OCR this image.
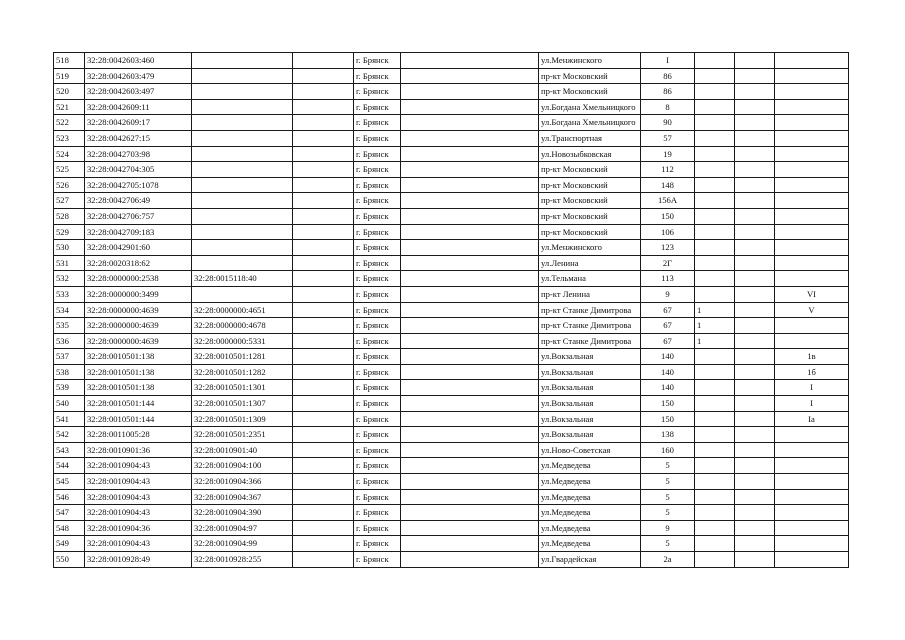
518	32:28:0042603:460			г. Брянск		ул.Менжинского	I			
519	32:28:0042603:479			г. Брянск		пр-кт Московский	86			
520	32:28:0042603:497			г. Брянск		пр-кт Московский	86			
521	32:28:0042609:11			г. Брянск		ул.Богдана Хмельницкого	8			
522	32:28:0042609:17			г. Брянск		ул.Богдана Хмельницкого	90			
523	32:28:0042627:15			г. Брянск		ул.Транспортная	57			
524	32:28:0042703:98			г. Брянск		ул.Новозыбковская	19			
525	32:28:0042704:305			г. Брянск		пр-кт Московский	112			
526	32:28:0042705:1078			г. Брянск		пр-кт Московский	148			
527	32:28:0042706:49			г. Брянск		пр-кт Московский	156А			
528	32:28:0042706:757			г. Брянск		пр-кт Московский	150			
529	32:28:0042709:183			г. Брянск		пр-кт Московский	106			
530	32:28:0042901:60			г. Брянск		ул.Менжинского	123			
531	32:28:0020318:62			г. Брянск		ул.Ленина	2Г			
532	32:28:0000000:2538	32:28:0015118:40		г. Брянск		ул.Тельмана	113			
533	32:28:0000000:3499			г. Брянск		пр-кт Ленина	9			VI
534	32:28:0000000:4639	32:28:0000000:4651		г. Брянск		пр-кт Станке Димитрова	67	1		V
535	32:28:0000000:4639	32:28:0000000:4678		г. Брянск		пр-кт Станке Димитрова	67	1		
536	32:28:0000000:4639	32:28:0000000:5331		г. Брянск		пр-кт Станке Димитрова	67	1		
537	32:28:0010501:138	32:28:0010501:1281		г. Брянск		ул.Вокзальная	140			1в
538	32:28:0010501:138	32:28:0010501:1282		г. Брянск		ул.Вокзальная	140			1б
539	32:28:0010501:138	32:28:0010501:1301		г. Брянск		ул.Вокзальная	140			I
540	32:28:0010501:144	32:28:0010501:1307		г. Брянск		ул.Вокзальная	150			I
541	32:28:0010501:144	32:28:0010501:1309		г. Брянск		ул.Вокзальная	150			Iа
542	32:28:0011005:28	32:28:0010501:2351		г. Брянск		ул.Вокзальная	138			
543	32:28:0010901:36	32:28:0010901:40		г. Брянск		ул.Ново-Советская	160			
544	32:28:0010904:43	32:28:0010904:100		г. Брянск		ул.Медведева	5			
545	32:28:0010904:43	32:28:0010904:366		г. Брянск		ул.Медведева	5			
546	32:28:0010904:43	32:28:0010904:367		г. Брянск		ул.Медведева	5			
547	32:28:0010904:43	32:28:0010904:390		г. Брянск		ул.Медведева	5			
548	32:28:0010904:36	32:28:0010904:97		г. Брянск		ул.Медведева	9			
549	32:28:0010904:43	32:28:0010904:99		г. Брянск		ул.Медведева	5			
550	32:28:0010928:49	32:28:0010928:255		г. Брянск		ул.Гвардейская	2а			
